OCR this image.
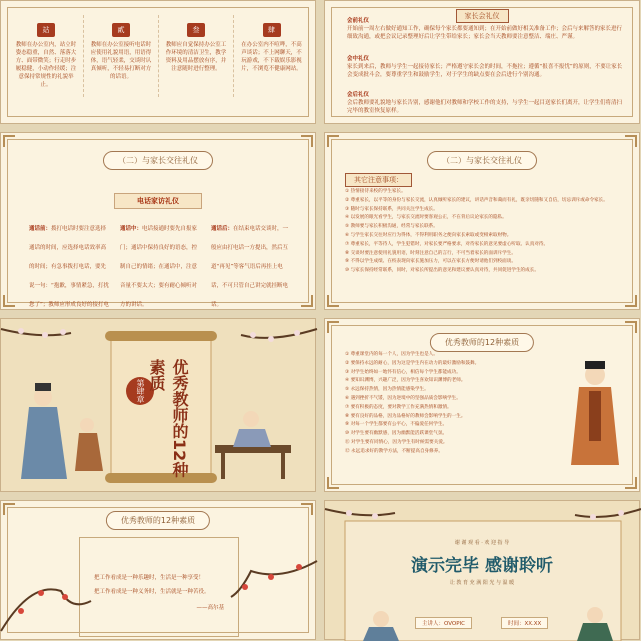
站
教师在办公室内，站立时姿态稳重，自然、落落大方、面带微笑；行走时步履稳健，小动作轻缓；注意保持常规性的礼貌举止。
貳
教师在办公室接听电话时应使用礼貌用语，用语得体，语气轻柔，交谈时认真倾听，不轻易打断对方的话语。
叁
教师应自觉保持办公室工作环境的清洁卫生，教学资料及用品摆放有序，并注意随时进行整理。
肆
在办公室内不喧哗，不高声谈话；不上网聊天，不玩游戏，不下载娱乐影视片，不浏览不健康网站。
家长会礼仪
会前礼仪
开始前一周左右做好通知工作，确保每个家长都要通知到；在开始前做好相关准备工作；会后与来解答的家长进行细致沟通，或把会议记录整理好后让学生带给家长；家长会当天教师要注意整洁、端庄、严谨。
会中礼仪
家长到来后，教师与学生一起接待家长；严格遵守家长会的时间，不拖拉；遵循“报喜不报忧”的原则，不要让家长会变成批斗会，要尊重学生和鼓励学生，对于学生的缺点要在会后进行个别沟通。
会后礼仪
会后教师要礼貌地与家长告别，感谢他们对教师和学校工作的支持，与学生一起目送家长们离开，让学生们将清扫完毕的教室恢复原样。
（二）与家长交往礼仪
电话家访礼仪
通话前：拨打电话时要注意选择通话的时间，应选择电话效率高的时间；有急事拨打电话，要先说一句：“抱歉，事情紧急，打扰您了”；教师应形成良好的接打电
通话中：电话接通时要先自报家门；通话中保持良好的语态，控制自己的情绪；在通话中，注意音量不要太大；要有耐心倾听对方的讲话。
通话后：在结束电话交谈时，一般应由打电话一方提出，然后互道“再见”等客气语后再挂上电话，不可只管自己讲完就挂断电话。
（二）与家长交往礼仪
其它注意事项：
① 热情接待来校的学生家长。
② 尊重家长，以平等的身份与家长交流，认真倾听家长的建议，讲话声音和蔼而有礼，既亲切随和又自信，切忌训斥或命令家长。
③ 随时与家长保持联系，共同关注学生成长。
④ 以发展的眼光看学生，与家长交流时要客观公正，不在背后议论家长的隐私。
⑤ 教师要与家长积极沟通，经常与家长联系。
⑥ 与学生家长交往时应行为得体，不得利用职务之便向家长索取或变相索取财物。
⑦ 尊重家长，平等待人，学生犯错时，对家长要严格要求，对待家长的意见要虚心听取、认真对待。
⑧ 交谈时要注意使用礼貌用语，时刻注意自己的言行，不可当着家长的面训斥学生。
⑨ 不得以学生成绩、在校表现向家长施加压力，可以在家长方便时请他们到校面谈。
⑩ 与家长保持经常联系，同时，对家长所提出的意见和建议要认真对待，共同促进学生的成长。
第肆章	优秀教师的12种素质
优秀教师的12种素质
① 尊重课堂内的每一个人，因为学生也是人。
② 要保持永远的耐心，因为这是学生内在动力的最好激励和鼓舞。
③ 对学生始终如一地怀有信心，相信每个学生都能成功。
④ 要知识渊博，兴趣广泛，因为学生喜欢知识渊博的老师。
⑤ 永远保持热情，因为热情能感染学生。
⑥ 遇到挫折不气馁，因为逆境中的坚强品质会影响学生。
⑦ 要有积极的态度，要对教学工作充满热情和激情。
⑧ 要有良好的品格，因为品格好的教师会影响学生的一生。
⑨ 对每一个学生都要有公平心，不偏爱任何学生。
⑩ 对学生要有幽默感，因为幽默能活跃课堂气氛。
⑪ 对学生要有同情心，因为学生有时候需要关爱。
⑫ 永远追求好的教学方法，不断提高自身修养。
优秀教师的12种素质
把工作看成是一种乐趣时，生活是一种享受！
把工作看成是一种义务时，生活就是一种苦役。
——高尔基
谢 谢 观 看 · 欢 迎 指 导
演示完毕 感谢聆听
让 教 育 充 满 阳 光 与 温 暖
主讲人：OVOPIC	时间：XX.XX
